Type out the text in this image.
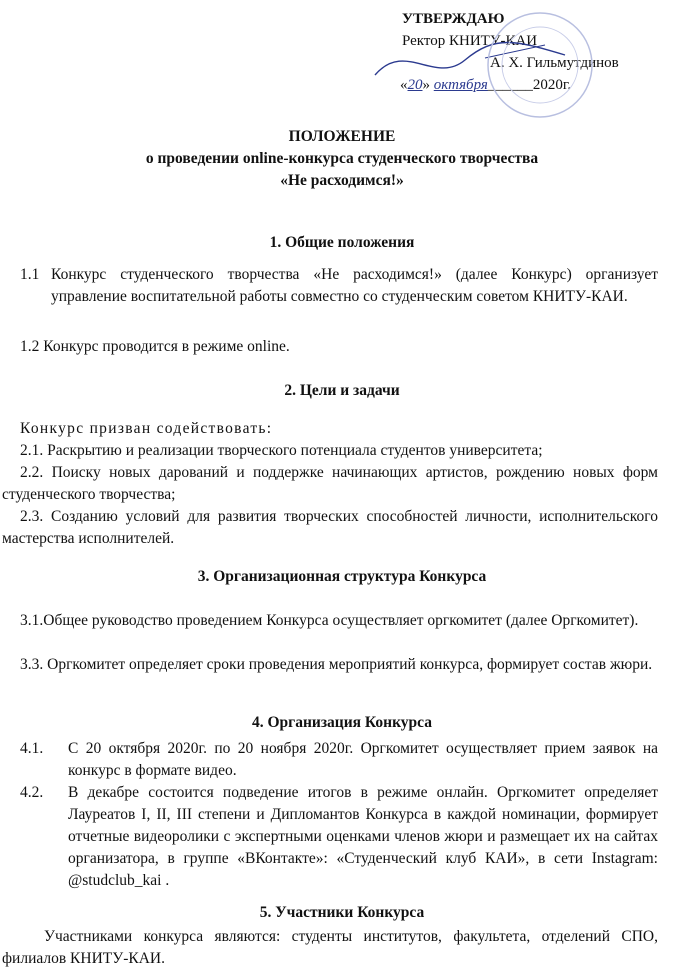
УТВЕРЖДАЮ
Ректор КНИТУ-КАИ
А. Х. Гильмутдинов
«20» октября______2020г.
ПОЛОЖЕНИЕ
о проведении online-конкурса студенческого творчества
«Не расходимся!»
1. Общие положения
1.1 Конкурс студенческого творчества «Не расходимся!» (далее Конкурс) организует управление воспитательной работы совместно со студенческим советом КНИТУ-КАИ.
1.2 Конкурс проводится в режиме online.
2. Цели и задачи
Конкурс призван содействовать:
2.1. Раскрытию и реализации творческого потенциала студентов университета;
2.2. Поиску новых дарований и поддержке начинающих артистов, рождению новых форм студенческого творчества;
2.3. Созданию условий для развития творческих способностей личности, исполнительского мастерства исполнителей.
3. Организационная структура Конкурса
3.1.Общее руководство проведением Конкурса осуществляет оргкомитет (далее Оргкомитет).
3.3. Оргкомитет определяет сроки проведения мероприятий конкурса, формирует состав жюри.
4. Организация Конкурса
4.1.	С 20 октября 2020г. по 20 ноября 2020г. Оргкомитет осуществляет прием заявок на конкурс в формате видео.
4.2.	В декабре состоится подведение итогов в режиме онлайн. Оргкомитет определяет Лауреатов I, II, III степени и Дипломантов Конкурса в каждой номинации, формирует отчетные видеоролики с экспертными оценками членов жюри и размещает их на сайтах организатора, в группе «ВКонтакте»: «Студенческий клуб КАИ», в сети Instagram: @studclub_kai .
5. Участники Конкурса
Участниками конкурса являются: студенты институтов, факультета, отделений СПО, филиалов КНИТУ-КАИ.
